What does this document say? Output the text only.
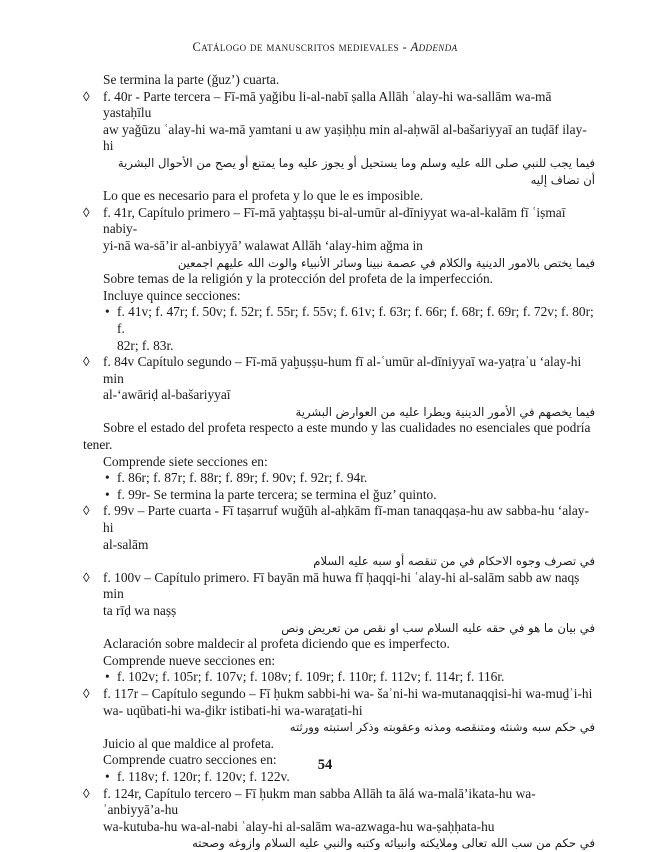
Catálogo de manuscritos medievales - Addenda

Se termina la parte (ǧuz’) cuarta.

◊ f. 40r - Parte tercera – Fī-mā yaǧibu li-al-nabī ṣalla Allāh ʿalay-hi wa-sallām wa-mā yastaḥīlu
aw yaǧūzu ʿalay-hi wa-mā yamtani u aw yaṣiḥḥu min al-aḥwāl al-bašariyyaī an tuḍāf ilay-hi
فيما يجب للنبي صلى الله عليه وسلم وما يستحيل أو يجوز عليه وما يمتنع أو يصح من الأحوال البشرية أن تضاف إليه

Lo que es necesario para el profeta y lo que le es imposible.

◊ f. 41r, Capítulo primero – Fī-mā yaḫtaṣṣu bi-al-umūr al-dīniyyat wa-al-kalām fī ʿiṣmaī nabiy-
yi-nā wa-sā’ir al-anbiyyā’ walawat Allāh ‘alay-him aǧma in
فيما يختص بالامور الدينية والكلام في عصمة نبينا وسائر الأنبياء والوت الله عليهم اجمعين

Sobre temas de la religión y la protección del profeta de la imperfección.

Incluye quince secciones:

• f. 41v; f. 47r; f. 50v; f. 52r; f. 55r; f. 55v; f. 61v; f. 63r; f. 66r; f. 68r; f. 69r; f. 72v; f. 80r; f.
82r; f. 83r.
◊ f. 84v Capítulo segundo – Fī-mā yaḫuṣṣu-hum fī al-ʿumūr al-dīniyyaī wa-yaṭraʾu ‘alay-hi min
al-‘awāriḍ al-bašariyyaī
فيما يخصهم في الأمور الدينية ويطرا عليه من العوارض البشرية

Sobre el estado del profeta respecto a este mundo y las cualidades no esenciales que podría

tener.

Comprende siete secciones en:

• f. 86r; f. 87r; f. 88r; f. 89r; f. 90v; f. 92r; f. 94r.
• f. 99r- Se termina la parte tercera; se termina el ǧuz’ quinto.
◊ f. 99v – Parte cuarta - Fī taṣarruf wuǧūh al-aḥkām fī-man tanaqqaṣa-hu aw sabba-hu ‘alay-hi
al-salām
في تصرف وجوه الاحكام في من تنقصه أو سبه عليه السلام
◊ f. 100v – Capítulo primero. Fī bayān mā huwa fī ḥaqqi-hi ʿalay-hi al-salām sabb aw naqṣ min
ta rīḍ wa naṣṣ
في بيان ما هو في حقه عليه السلام سب او نقص من تعريض ونص

Aclaración sobre maldecir al profeta diciendo que es imperfecto.

Comprende nueve secciones en:

• f. 102v; f. 105r; f. 107v; f. 108v; f. 109r; f. 110r; f. 112v; f. 114r; f. 116r.
◊ f. 117r – Capítulo segundo – Fī ḥukm sabbi-hi wa- šaʾni-hi wa-mutanaqqisi-hi wa-muḏʾi-hi
wa- uqūbati-hi wa-ḏikr istibati-hi wa-waraṯati-hi
في حكم سبه وشنئه ومتنقصه ومذنه وعقوبته وذكر استبته وورثته

Juicio al que maldice al profeta.

Comprende cuatro secciones en:

• f. 118v; f. 120r; f. 120v; f. 122v.
◊ f. 124r, Capítulo tercero – Fī ḥukm man sabba Allāh ta ālá wa-malā’ikata-hu wa-ʾanbiyyā’a-hu
wa-kutuba-hu wa-al-nabi ʿalay-hi al-salām wa-azwaga-hu wa-ṣaḥḥata-hu
في حكم من سب الله تعالى وملايكته وانبيائه وكتبه والنبي عليه السلام وازوغه وصحته
54
